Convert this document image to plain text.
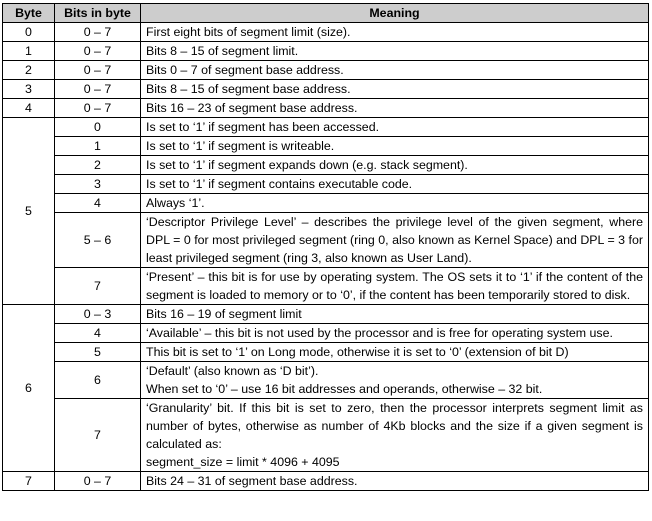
Byte	Bits in byte	Meaning
0	0 – 7	First eight bits of segment limit (size).
1	0 – 7	Bits 8 – 15 of segment limit.
2	0 – 7	Bits 0 – 7 of segment base address.
3	0 – 7	Bits 8 – 15 of segment base address.
4	0 – 7	Bits 16 – 23 of segment base address.
5	0	Is set to ‘1’ if segment has been accessed.
	1	Is set to ‘1’ if segment is writeable.
	2	Is set to ‘1’ if segment expands down (e.g. stack segment).
	3	Is set to ‘1’ if segment contains executable code.
	4	Always ‘1’.
	5 – 6	‘Descriptor Privilege Level’ – describes the privilege level of the given segment, where DPL = 0 for most privileged segment (ring 0, also known as Kernel Space) and DPL = 3 for least privileged segment (ring 3, also known as User Land).
	7	‘Present’ – this bit is for use by operating system. The OS sets it to ‘1’ if the content of the segment is loaded to memory or to ‘0’, if the content has been temporarily stored to disk.
6	0 – 3	Bits 16 – 19 of segment limit
	4	‘Available’ – this bit is not used by the processor and is free for operating system use.
	5	This bit is set to ‘1’ on Long mode, otherwise it is set to ‘0’ (extension of bit D)
	6	‘Default’ (also known as ‘D bit’).
When set to ‘0’ – use 16 bit addresses and operands, otherwise – 32 bit.

	7	‘Granularity’ bit. If this bit is set to zero, then the processor interprets segment limit as number of bytes, otherwise as number of 4Kb blocks and the size if a given segment is calculated as:
segment_size = limit * 4096 + 4095

7	0 – 7	Bits 24 – 31 of segment base address.
